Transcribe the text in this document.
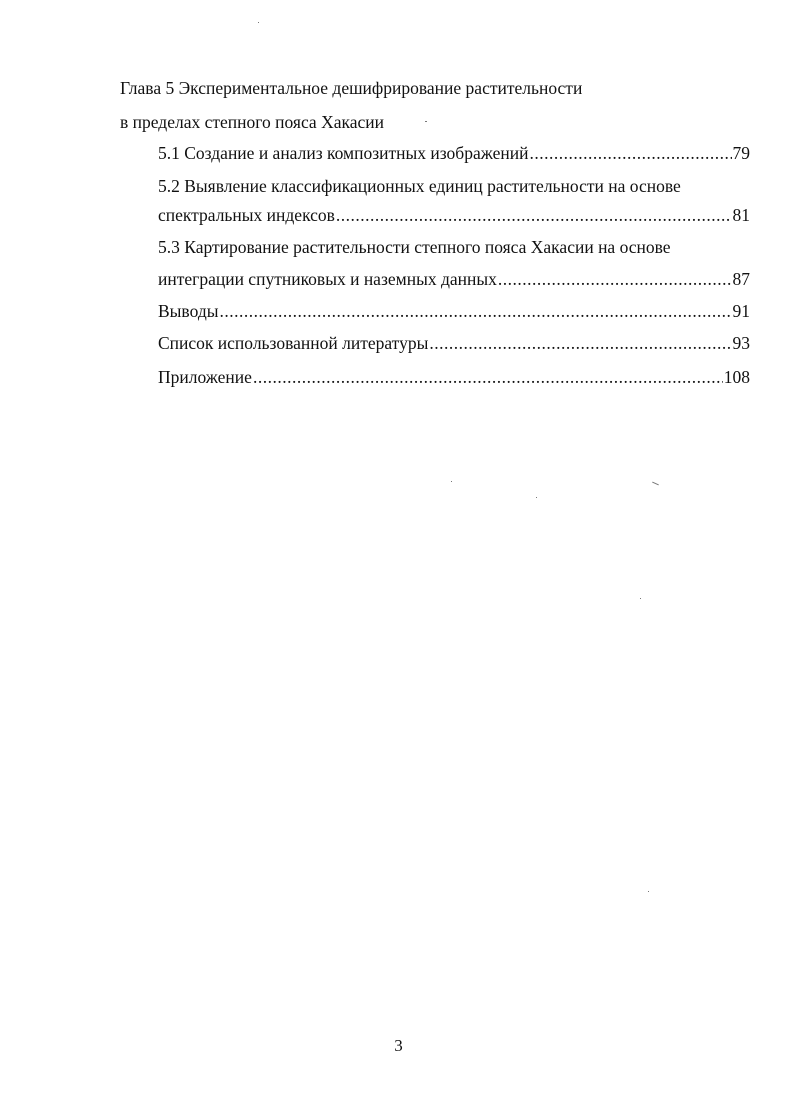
Глава 5 Экспериментальное дешифрирование растительности
в пределах степного пояса Хакасии
5.1 Создание и анализ композитных изображений .....	79
5.2 Выявление классификационных единиц растительности на основе
спектральных индексов .....	81
5.3 Картирование растительности степного пояса Хакасии на основе
интеграции спутниковых и наземных данных .....	87
Выводы .....	91
Список использованной литературы .....	93
Приложение .....	108
3
